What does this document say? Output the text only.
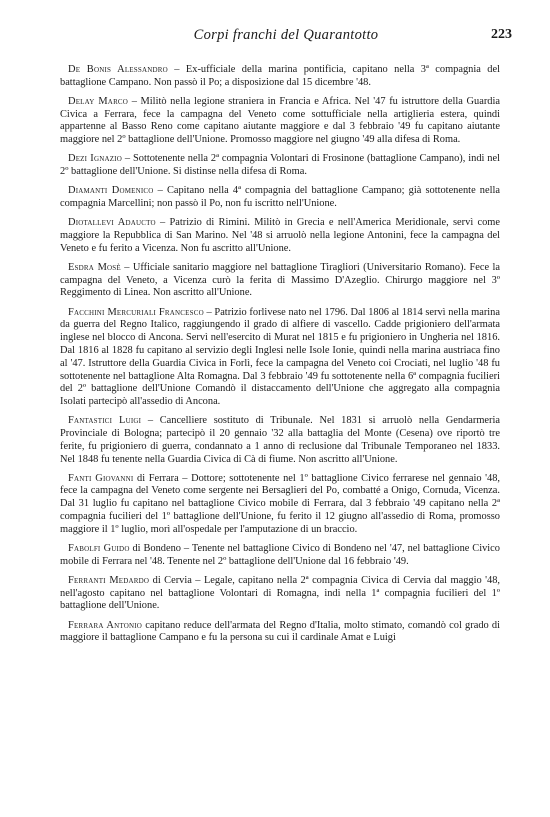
Corpi franchi del Quarantotto	223

De Bonis Alessandro – Ex-ufficiale della marina pontificia, capitano nella 3ª compagnia del battaglione Campano. Non passò il Po; a disposizione dal 15 dicembre '48.

Delay Marco – Militò nella legione straniera in Francia e Africa. Nel '47 fu istruttore della Guardia Civica a Ferrara, fece la campagna del Veneto come sottufficiale nella artiglieria estera, quindi appartenne al Basso Reno come capitano aiutante maggiore e dal 3 febbraio '49 fu capitano aiutante maggiore nel 2º battaglione dell'Unione. Promosso maggiore nel giugno '49 alla difesa di Roma.

Dezi Ignazio – Sottotenente nella 2ª compagnia Volontari di Frosinone (battaglione Campano), indi nel 2º battaglione dell'Unione. Si distinse nella difesa di Roma.

Diamanti Domenico – Capitano nella 4ª compagnia del battaglione Campano; già sottotenente nella compagnia Marcellini; non passò il Po, non fu iscritto nell'Unione.

Diotallevi Adaucto – Patrizio di Rimini. Militò in Grecia e nell'America Meridionale, servì come maggiore la Repubblica di San Marino. Nel '48 si arruolò nella legione Antonini, fece la campagna del Veneto e fu ferito a Vicenza. Non fu ascritto all'Unione.

Esdra Mosè – Ufficiale sanitario maggiore nel battaglione Tiragliori (Universitario Romano). Fece la campagna del Veneto, a Vicenza curò la ferita di Massimo D'Azeglio. Chirurgo maggiore nel 3º Reggimento di Linea. Non ascritto all'Unione.

Facchini Mercuriali Francesco – Patrizio forlivese nato nel 1796. Dal 1806 al 1814 servì nella marina da guerra del Regno Italico, raggiungendo il grado di alfiere di vascello. Cadde prigioniero dell'armata inglese nel blocco di Ancona. Servì nell'esercito di Murat nel 1815 e fu prigioniero in Ungheria nel 1816. Dal 1816 al 1828 fu capitano al servizio degli Inglesi nelle Isole Ionie, quindi nella marina austriaca fino al '47. Istruttore della Guardia Civica in Forlì, fece la campagna del Veneto coi Crociati, nel luglio '48 fu sottotenente nel battaglione Alta Romagna. Dal 3 febbraio '49 fu sottotenente nella 6ª compagnia fucilieri del 2º battaglione dell'Unione Comandò il distaccamento dell'Unione che aggregato alla compagnia Isolati partecipò all'assedio di Ancona.

Fantastici Luigi – Cancelliere sostituto di Tribunale. Nel 1831 si arruolò nella Gendarmeria Provinciale di Bologna; partecipò il 20 gennaio '32 alla battaglia del Monte (Cesena) ove riportò tre ferite, fu prigioniero di guerra, condannato a 1 anno di reclusione dal Tribunale Temporaneo nel 1833. Nel 1848 fu tenente nella Guardia Civica di Cà di fiume. Non ascritto all'Unione.

Fanti Giovanni di Ferrara – Dottore; sottotenente nel 1º battaglione Civico ferrarese nel gennaio '48, fece la campagna del Veneto come sergente nei Bersaglieri del Po, combatté a Onigo, Cornuda, Vicenza. Dal 31 luglio fu capitano nel battaglione Civico mobile di Ferrara, dal 3 febbraio '49 capitano nella 2ª compagnia fucilieri del 1º battaglione dell'Unione, fu ferito il 12 giugno all'assedio di Roma, promosso maggiore il 1º luglio, morì all'ospedale per l'amputazione di un braccio.

Fabolfi Guido di Bondeno – Tenente nel battaglione Civico di Bondeno nel '47, nel battaglione Civico mobile di Ferrara nel '48. Tenente nel 2º battaglione dell'Unione dal 16 febbraio '49.

Ferranti Medardo di Cervia – Legale, capitano nella 2ª compagnia Civica di Cervia dal maggio '48, nell'agosto capitano nel battaglione Volontari di Romagna, indi nella 1ª compagnia fucilieri del 1º battaglione dell'Unione.

Ferrara Antonio capitano reduce dell'armata del Regno d'Italia, molto stimato, comandò col grado di maggiore il battaglione Campano e fu la persona su cui il cardinale Amat e Luigi
